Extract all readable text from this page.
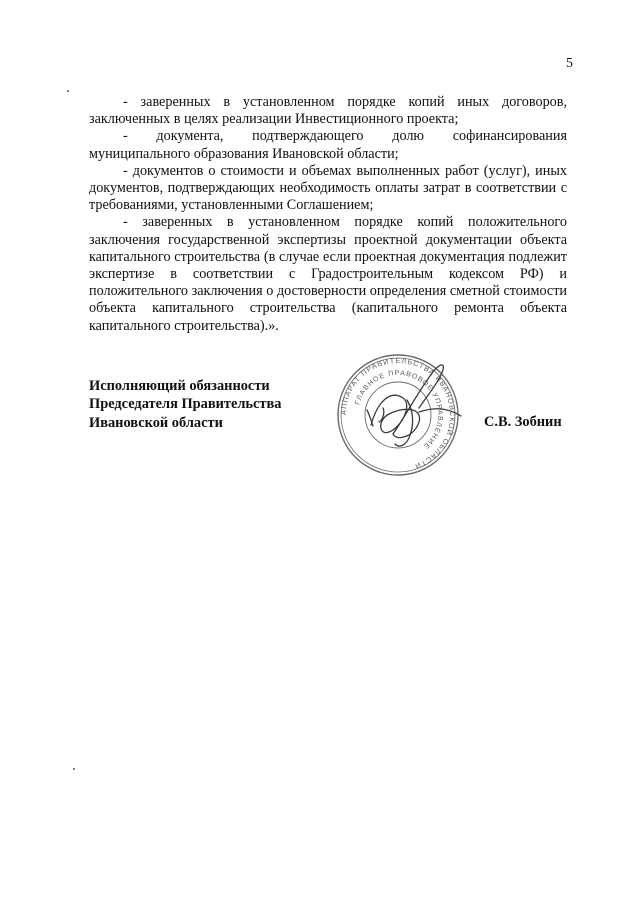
5

- заверенных в установленном порядке копий иных договоров, заключенных в целях реализации Инвестиционного проекта;

- документа, подтверждающего долю софинансирования муниципального образования Ивановской области;

- документов о стоимости и объемах выполненных работ (услуг), иных документов, подтверждающих необходимость оплаты затрат в соответствии с требованиями, установленными Соглашением;

- заверенных в установленном порядке копий положительного заключения государственной экспертизы проектной документации объекта капитального строительства (в случае если проектная документация подлежит экспертизе в соответствии с Градостроительным кодексом РФ) и положительного заключения о достоверности определения сметной стоимости объекта капитального строительства (капитального ремонта объекта капитального строительства).».

Исполняющий обязанности
Председателя Правительства
Ивановской области
АППАРАТ ПРАВИТЕЛЬСТВА ИВАНОВСКОЙ ОБЛАСТИ
ГЛАВНОЕ ПРАВОВОЕ УПРАВЛЕНИЕ
С.В. Зобнин
